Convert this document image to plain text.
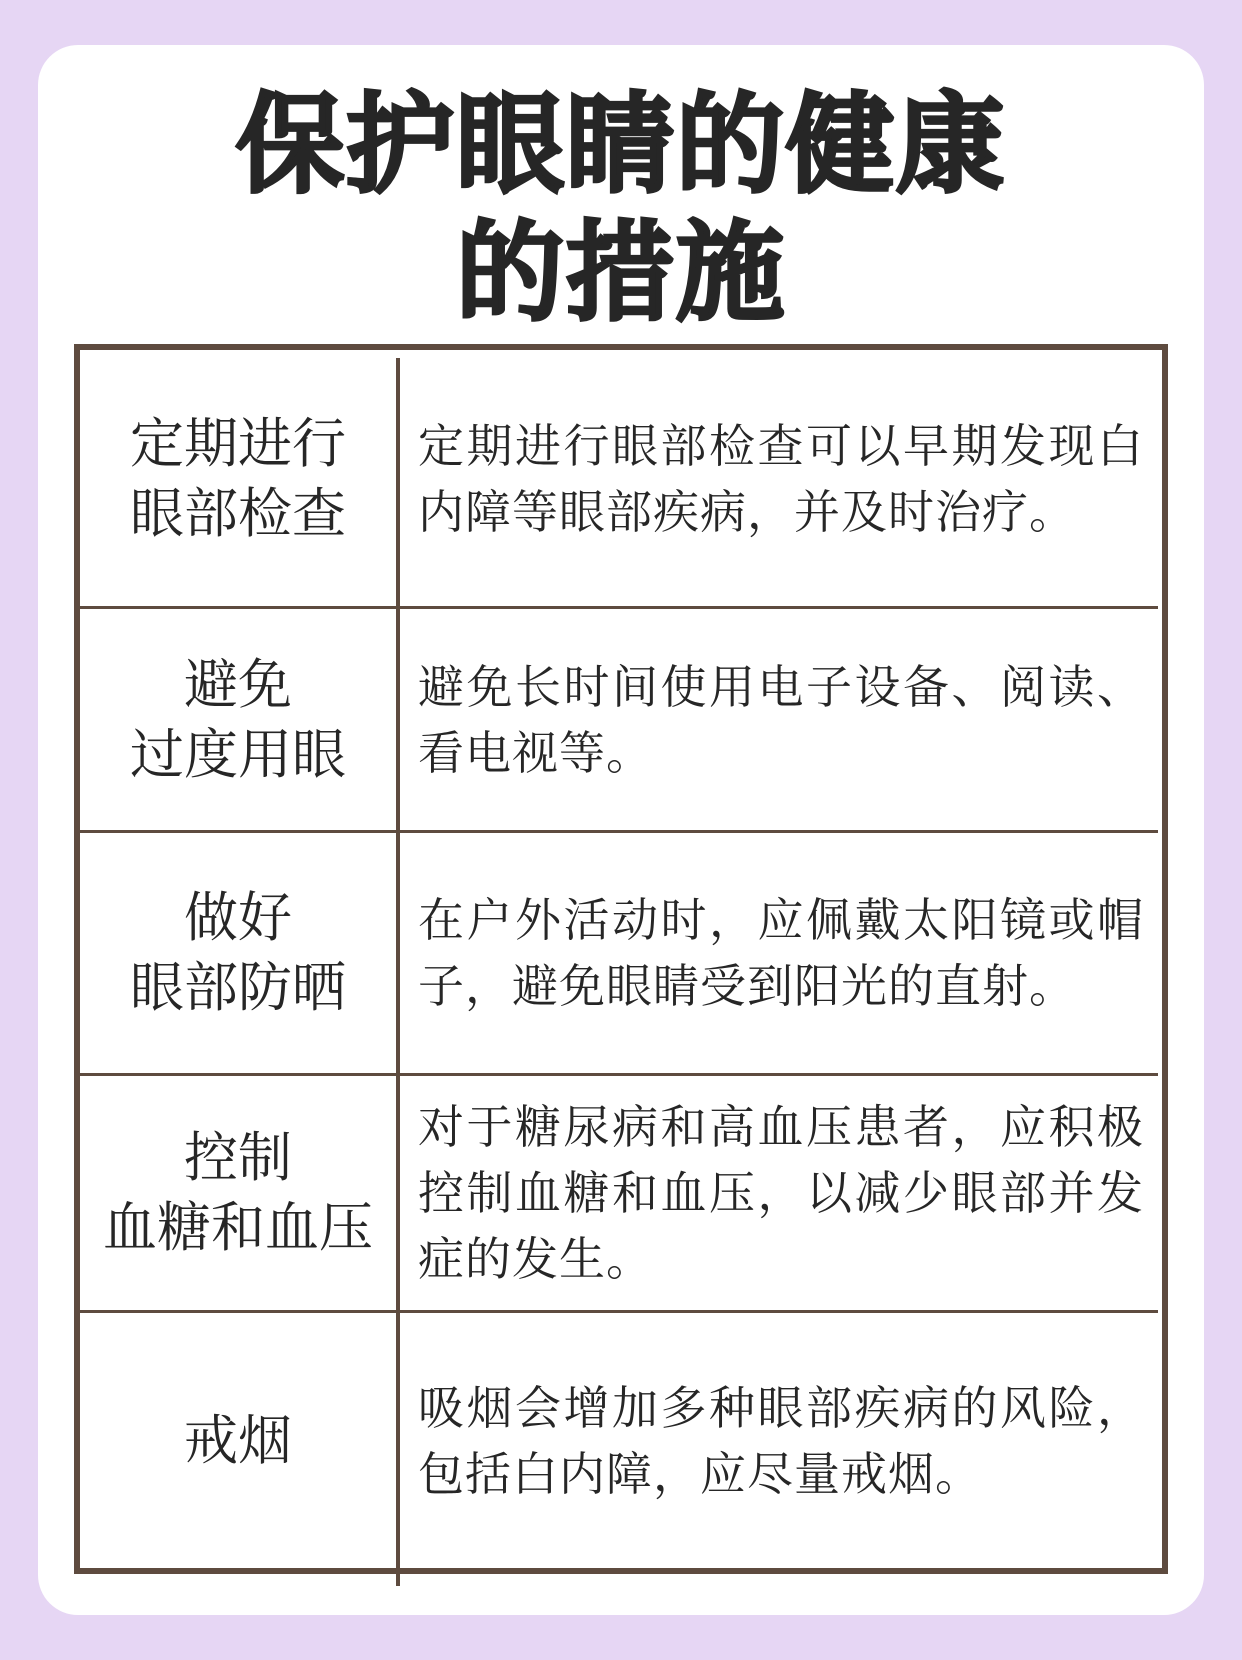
保护眼睛的健康
的措施
定期进行
眼部检查

定期进行眼部检查可以早期发现白内障等眼部疾病，并及时治疗。

避免
过度用眼

避免长时间使用电子设备、阅读、看电视等。

做好
眼部防晒

在户外活动时，应佩戴太阳镜或帽子，避免眼睛受到阳光的直射。

控制
血糖和血压

对于糖尿病和高血压患者，应积极控制血糖和血压，以减少眼部并发症的发生。

戒烟

吸烟会增加多种眼部疾病的风险，包括白内障，应尽量戒烟。
